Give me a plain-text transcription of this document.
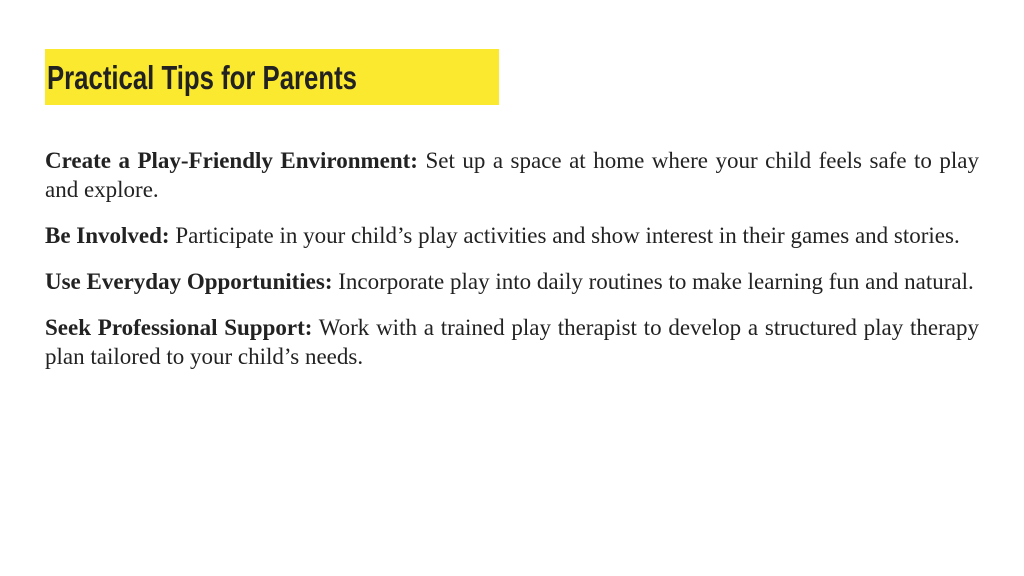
Practical Tips for Parents
Create a Play-Friendly Environment: Set up a space at home where your child feels safe to play and explore.
Be Involved: Participate in your child’s play activities and show interest in their games and stories.
Use Everyday Opportunities: Incorporate play into daily routines to make learning fun and natural.
Seek Professional Support: Work with a trained play therapist to develop a structured play therapy plan tailored to your child’s needs.
